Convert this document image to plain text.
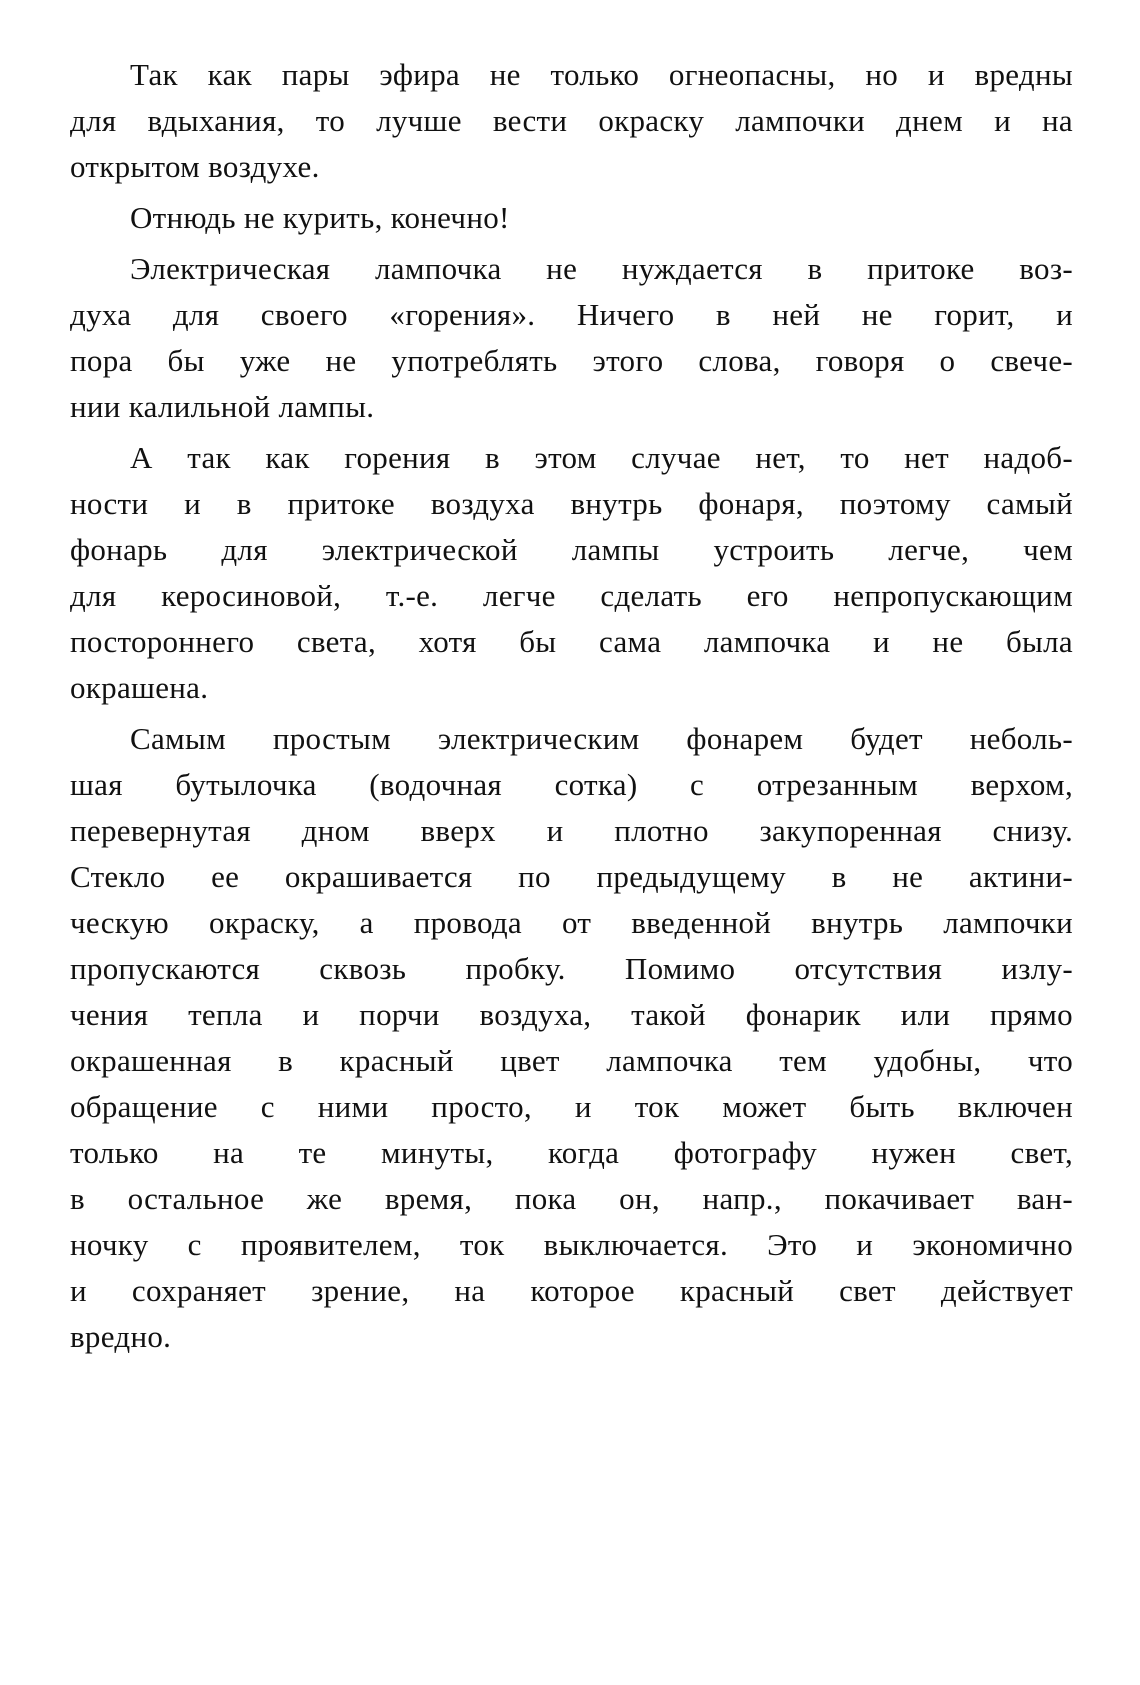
Так как пары эфира не только огнеопасны, но и вредны
для вдыхания, то лучше вести окраску лампочки днем и на
открытом воздухе.
Отнюдь не курить, конечно!
Электрическая лампочка не нуждается в притоке воз-
духа для своего «горения». Ничего в ней не горит, и
пора бы уже не употреблять этого слова, говоря о свече-
нии калильной лампы.
А так как горения в этом случае нет, то нет надоб-
ности и в притоке воздуха внутрь фонаря, поэтому самый
фонарь для электрической лампы устроить легче, чем
для керосиновой, т.-е. легче сделать его непропускающим
постороннего света, хотя бы сама лампочка и не была
окрашена.
Самым простым электрическим фонарем будет неболь-
шая бутылочка (водочная сотка) с отрезанным верхом,
перевернутая дном вверх и плотно закупоренная снизу.
Стекло ее окрашивается по предыдущему в не актини-
ческую окраску, а провода от введенной внутрь лампочки
пропускаются сквозь пробку. Помимо отсутствия излу-
чения тепла и порчи воздуха, такой фонарик или прямо
окрашенная в красный цвет лампочка тем удобны, что
обращение с ними просто, и ток может быть включен
только на те минуты, когда фотографу нужен свет,
в остальное же время, пока он, напр., покачивает ван-
ночку с проявителем, ток выключается. Это и экономично
и сохраняет зрение, на которое красный свет действует
вредно.
